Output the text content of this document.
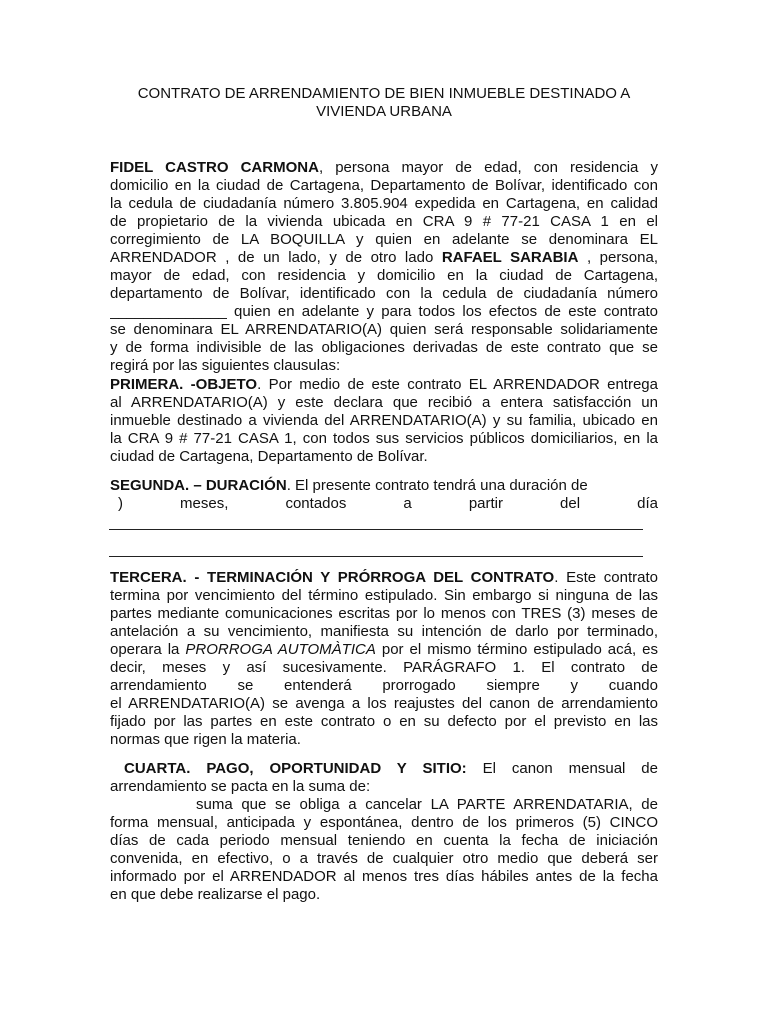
CONTRATO DE ARRENDAMIENTO DE BIEN INMUEBLE DESTINADO A
VIVIENDA URBANA
FIDEL CASTRO CARMONA, persona mayor de edad, con residencia y
domicilio en la ciudad de Cartagena, Departamento de Bolívar, identificado con
la cedula de ciudadanía número 3.805.904 expedida en Cartagena, en calidad
de propietario de la vivienda ubicada en CRA 9 # 77-21 CASA 1 en el
corregimiento de LA BOQUILLA y quien en adelante se denominara EL
ARRENDADOR , de un lado, y de otro lado RAFAEL SARABIA , persona,
mayor de edad, con residencia y domicilio en la ciudad de Cartagena,
departamento de Bolívar, identificado con la cedula de ciudadanía número
______________ quien en adelante y para todos los efectos de este contrato
se denominara EL ARRENDATARIO(A) quien será responsable solidariamente
y de forma indivisible de las obligaciones derivadas de este contrato que se
regirá por las siguientes clausulas:
PRIMERA. -OBJETO. Por medio de este contrato EL ARRENDADOR entrega
al ARRENDATARIO(A) y este declara que recibió a entera satisfacción un
inmueble destinado a vivienda del ARRENDATARIO(A) y su familia, ubicado en
la CRA 9 # 77-21 CASA 1, con todos sus servicios públicos domiciliarios, en la
ciudad de Cartagena, Departamento de Bolívar.
SEGUNDA. – DURACIÓN. El presente contrato tendrá una duración de
) meses, contados a partir del día
TERCERA. - TERMINACIÓN Y PRÓRROGA DEL CONTRATO. Este contrato
termina por vencimiento del término estipulado. Sin embargo si ninguna de las
partes mediante comunicaciones escritas por lo menos con TRES (3) meses de
antelación a su vencimiento, manifiesta su intención de darlo por terminado,
operara la PRORROGA AUTOMÀTICA por el mismo término estipulado acá, es
decir, meses y así sucesivamente. PARÁGRAFO 1. El contrato de
arrendamiento se entenderá prorrogado siempre y cuando
el ARRENDATARIO(A) se avenga a los reajustes del canon de arrendamiento
fijado por las partes en este contrato o en su defecto por el previsto en las
normas que rigen la materia.
CUARTA. PAGO, OPORTUNIDAD Y SITIO: El canon mensual de
arrendamiento se pacta en la suma de:
suma que se obliga a cancelar LA PARTE ARRENDATARIA, de
forma mensual, anticipada y espontánea, dentro de los primeros (5) CINCO
días de cada periodo mensual teniendo en cuenta la fecha de iniciación
convenida, en efectivo, o a través de cualquier otro medio que deberá ser
informado por el ARRENDADOR al menos tres días hábiles antes de la fecha
en que debe realizarse el pago.
